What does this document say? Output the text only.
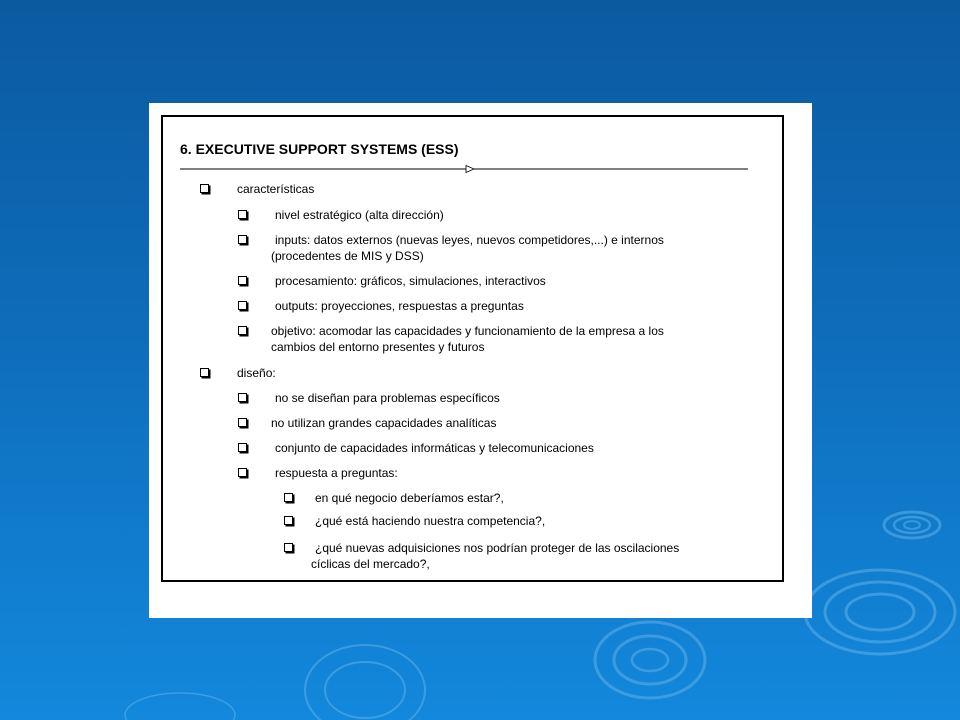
6. EXECUTIVE SUPPORT SYSTEMS (ESS)
características
nivel estratégico (alta dirección)
inputs: datos externos (nuevas leyes, nuevos competidores,...) e internos
(procedentes de MIS y DSS)
procesamiento: gráficos, simulaciones, interactivos
outputs: proyecciones, respuestas a preguntas
objetivo: acomodar las capacidades y funcionamiento de la empresa a los
cambios del entorno presentes y futuros
diseño:
no se diseñan para problemas específicos
no utilizan grandes capacidades analíticas
conjunto de capacidades informáticas y telecomunicaciones
respuesta a preguntas:
en qué negocio deberíamos estar?,
¿qué está haciendo nuestra competencia?,
¿qué nuevas adquisiciones nos podrían proteger de las oscilaciones
cíclicas del mercado?,
